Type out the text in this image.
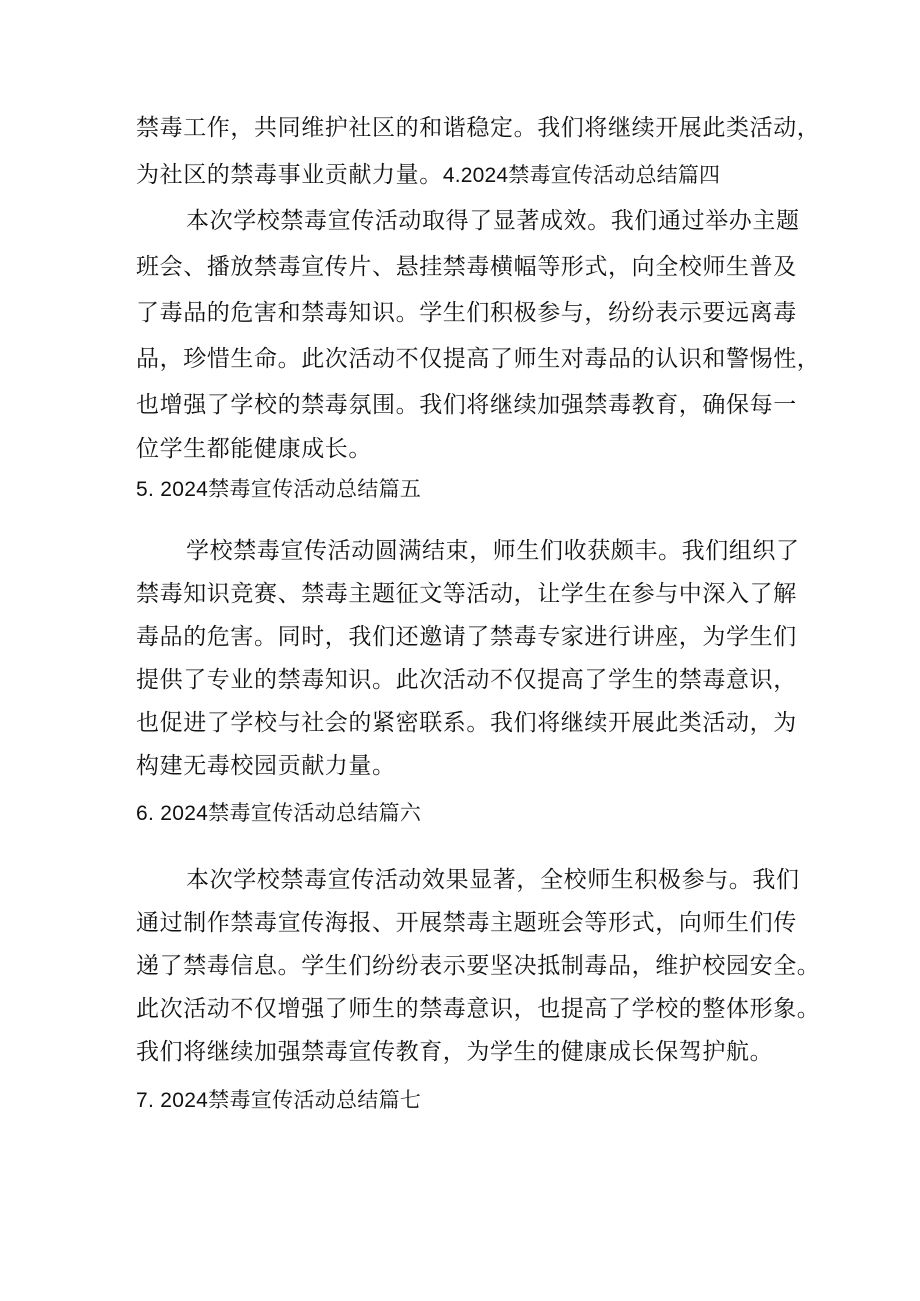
禁毒工作，共同维护社区的和谐稳定。我们将继续开展此类活动，
为社区的禁毒事业贡献力量。4.2024禁毒宣传活动总结篇四
本次学校禁毒宣传活动取得了显著成效。我们通过举办主题
班会、播放禁毒宣传片、悬挂禁毒横幅等形式，向全校师生普及
了毒品的危害和禁毒知识。学生们积极参与，纷纷表示要远离毒
品，珍惜生命。此次活动不仅提高了师生对毒品的认识和警惕性，
也增强了学校的禁毒氛围。我们将继续加强禁毒教育，确保每一
位学生都能健康成长。
5. 2024禁毒宣传活动总结篇五
学校禁毒宣传活动圆满结束，师生们收获颇丰。我们组织了
禁毒知识竞赛、禁毒主题征文等活动，让学生在参与中深入了解
毒品的危害。同时，我们还邀请了禁毒专家进行讲座，为学生们
提供了专业的禁毒知识。此次活动不仅提高了学生的禁毒意识，
也促进了学校与社会的紧密联系。我们将继续开展此类活动，为
构建无毒校园贡献力量。
6. 2024禁毒宣传活动总结篇六
本次学校禁毒宣传活动效果显著，全校师生积极参与。我们
通过制作禁毒宣传海报、开展禁毒主题班会等形式，向师生们传
递了禁毒信息。学生们纷纷表示要坚决抵制毒品，维护校园安全。
此次活动不仅增强了师生的禁毒意识，也提高了学校的整体形象。
我们将继续加强禁毒宣传教育，为学生的健康成长保驾护航。
7. 2024禁毒宣传活动总结篇七
